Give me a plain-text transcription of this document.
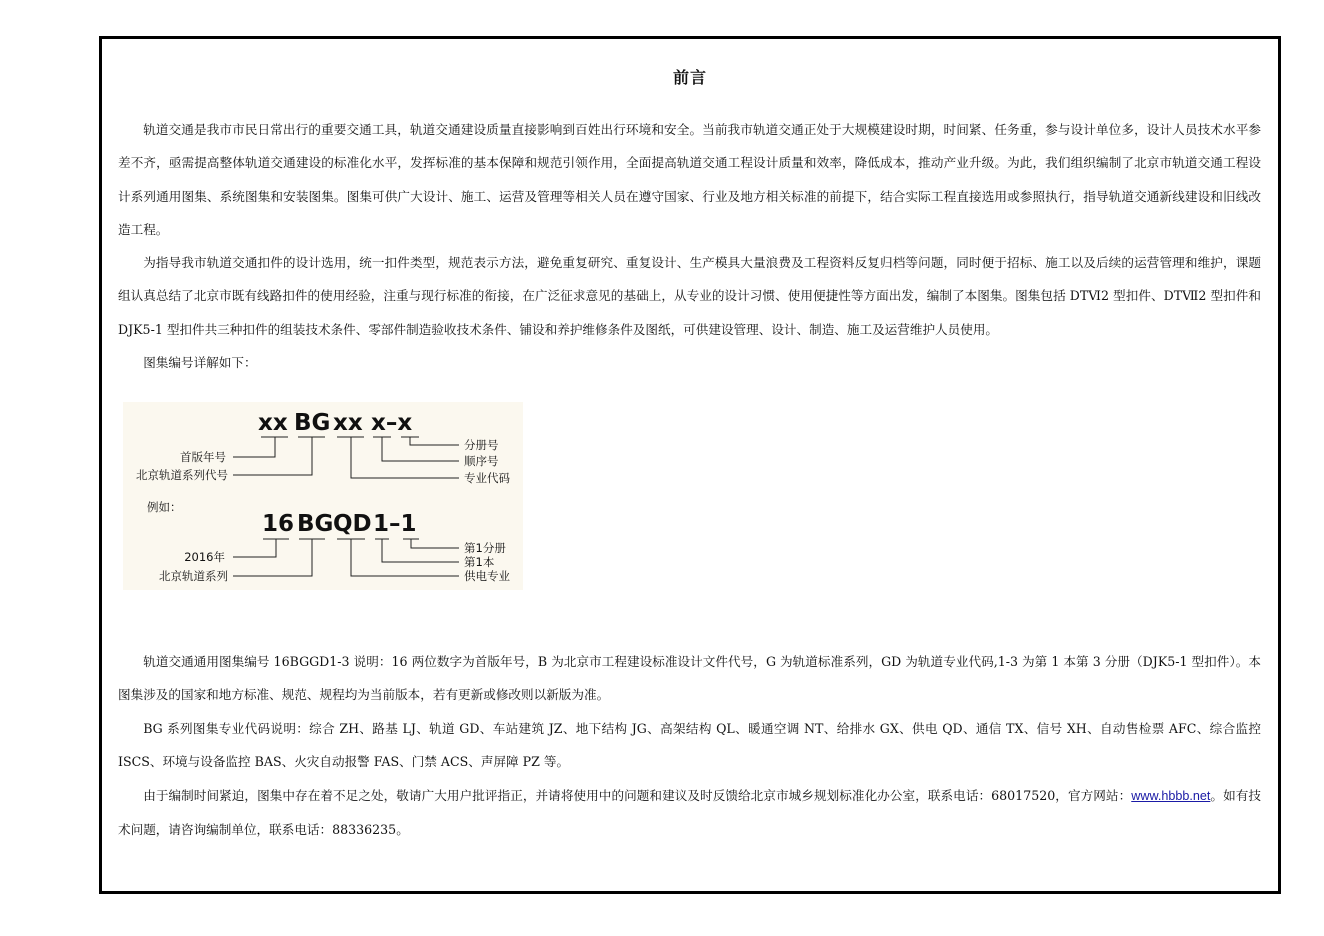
前言

轨道交通是我市市民日常出行的重要交通工具，轨道交通建设质量直接影响到百姓出行环境和安全。当前我市轨道交通正处于大规模建设时期，时间紧、任务重，参与设计单位多，设计人员技术水平参差不齐，亟需提高整体轨道交通建设的标准化水平，发挥标准的基本保障和规范引领作用，全面提高轨道交通工程设计质量和效率，降低成本，推动产业升级。为此，我们组织编制了北京市轨道交通工程设计系列通用图集、系统图集和安装图集。图集可供广大设计、施工、运营及管理等相关人员在遵守国家、行业及地方相关标准的前提下，结合实际工程直接选用或参照执行，指导轨道交通新线建设和旧线改造工程。

为指导我市轨道交通扣件的设计选用，统一扣件类型，规范表示方法，避免重复研究、重复设计、生产模具大量浪费及工程资料反复归档等问题，同时便于招标、施工以及后续的运营管理和维护，课题组认真总结了北京市既有线路扣件的使用经验，注重与现行标准的衔接，在广泛征求意见的基础上，从专业的设计习惯、使用便捷性等方面出发，编制了本图集。图集包括 DTⅥ2 型扣件、DTⅦ2 型扣件和 DJK5-1 型扣件共三种扣件的组装技术条件、零部件制造验收技术条件、铺设和养护维修条件及图纸，可供建设管理、设计、制造、施工及运营维护人员使用。

图集编号详解如下：

xx BG xx x–x
首版年号
北京轨道系列代号
分册号
顺序号
专业代码
例如：
16 BG QD 1–1
2016年
北京轨道系列
第1分册
第1本
供电专业

轨道交通通用图集编号 16BGGD1-3 说明：16 两位数字为首版年号，B 为北京市工程建设标准设计文件代号，G 为轨道标准系列，GD 为轨道专业代码,1-3 为第 1 本第 3 分册（DJK5-1 型扣件）。本图集涉及的国家和地方标准、规范、规程均为当前版本，若有更新或修改则以新版为准。

BG 系列图集专业代码说明：综合 ZH、路基 LJ、轨道 GD、车站建筑 JZ、地下结构 JG、高架结构 QL、暖通空调 NT、给排水 GX、供电 QD、通信 TX、信号 XH、自动售检票 AFC、综合监控 ISCS、环境与设备监控 BAS、火灾自动报警 FAS、门禁 ACS、声屏障 PZ 等。

由于编制时间紧迫，图集中存在着不足之处，敬请广大用户批评指正，并请将使用中的问题和建议及时反馈给北京市城乡规划标准化办公室，联系电话：68017520，官方网站：www.hbbb.net。如有技术问题，请咨询编制单位，联系电话：88336235。
